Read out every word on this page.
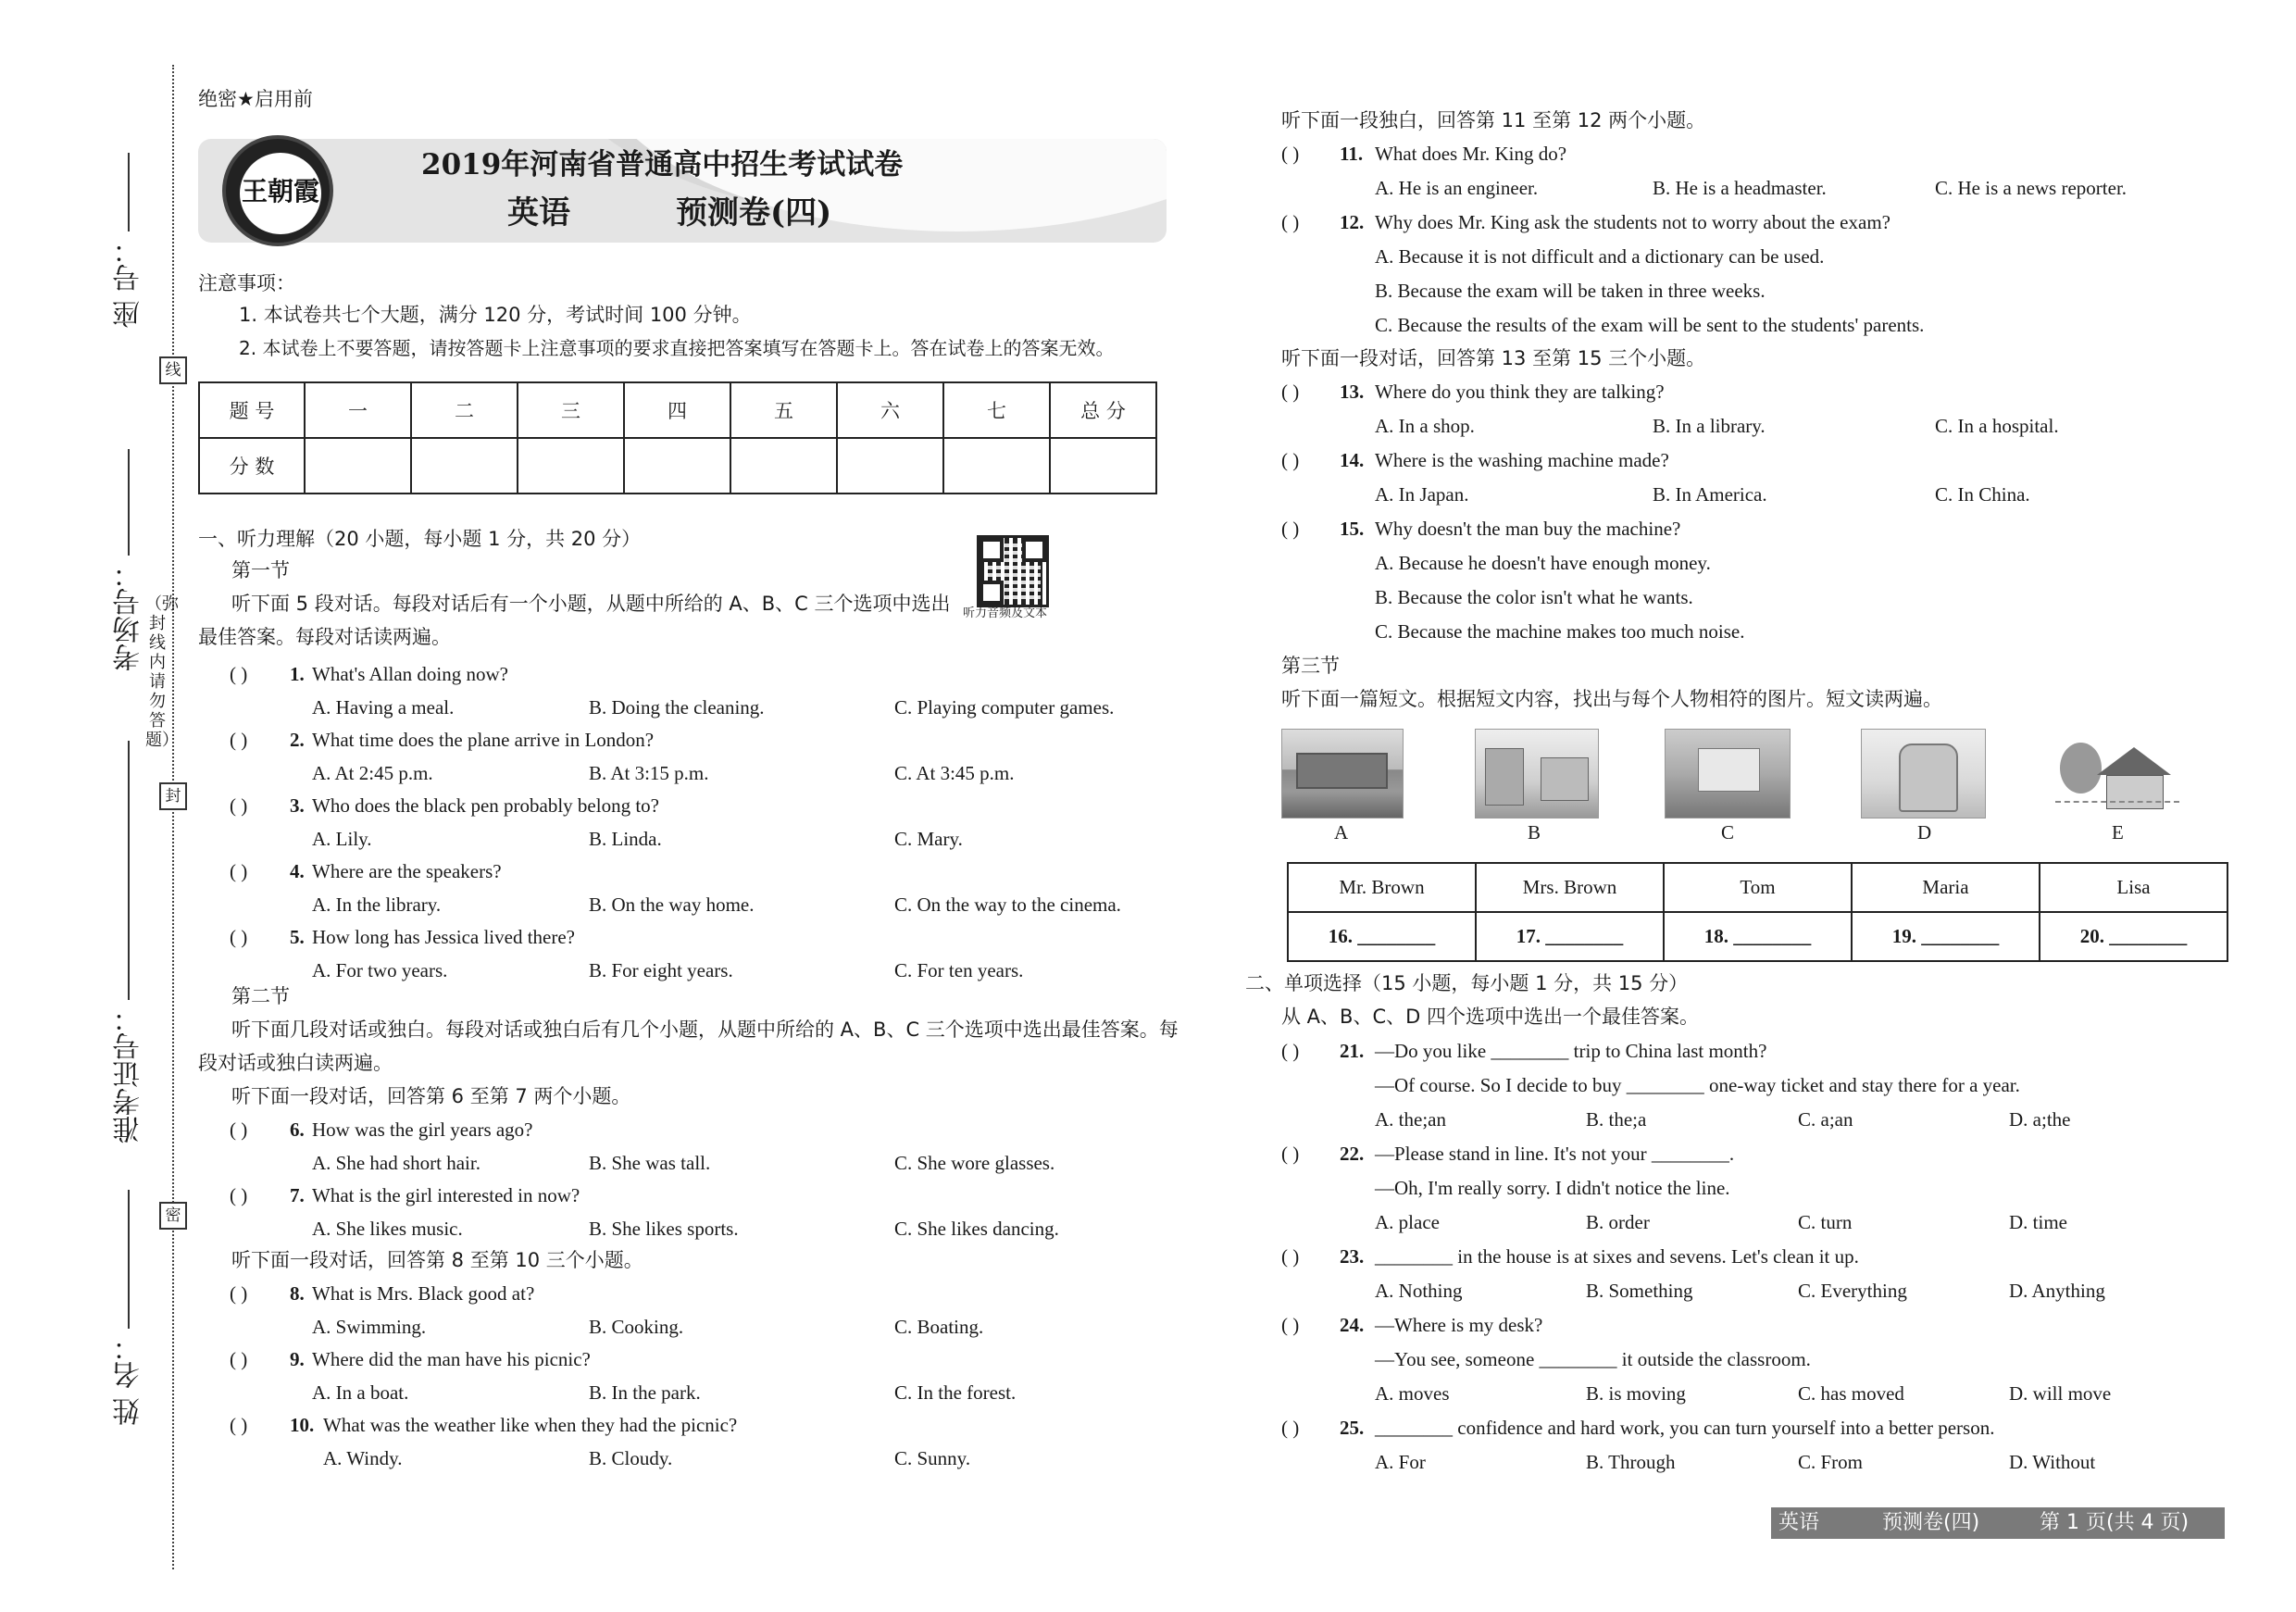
座 号：
考场号：
准考证号：
姓 名：
线
封
密
（弥封线内请勿答题）
绝密★启用前
王朝霞
2019年河南省普通高中招生考试试卷
英语	预测卷(四)
注意事项：
1. 本试卷共七个大题，满分 120 分，考试时间 100 分钟。
2. 本试卷上不要答题，请按答题卡上注意事项的要求直接把答案填写在答题卡上。答在试卷上的答案无效。
题 号	一	二	三	四	五	六	七	总 分
分 数								
一、听力理解（20 小题，每小题 1 分，共 20 分）
听力音频及文本
第一节
听下面 5 段对话。每段对话后有一个小题，从题中所给的 A、B、C 三个选项中选出
最佳答案。每段对话读两遍。
( ) 1. What's Allan doing now?
A. Having a meal.	B. Doing the cleaning.	C. Playing computer games.
( ) 2. What time does the plane arrive in London?
A. At 2:45 p.m.	B. At 3:15 p.m.	C. At 3:45 p.m.
( ) 3. Who does the black pen probably belong to?
A. Lily.	B. Linda.	C. Mary.
( ) 4. Where are the speakers?
A. In the library.	B. On the way home.	C. On the way to the cinema.
( ) 5. How long has Jessica lived there?
A. For two years.	B. For eight years.	C. For ten years.
( ) 6. How was the girl years ago?
A. She had short hair.	B. She was tall.	C. She wore glasses.
( ) 7. What is the girl interested in now?
A. She likes music.	B. She likes sports.	C. She likes dancing.
( ) 8. What is Mrs. Black good at?
A. Swimming.	B. Cooking.	C. Boating.
( ) 9. Where did the man have his picnic?
A. In a boat.	B. In the park.	C. In the forest.
( ) 10. What was the weather like when they had the picnic?
A. Windy.	B. Cloudy.	C. Sunny.
第二节
听下面几段对话或独白。每段对话或独白后有几个小题，从题中所给的 A、B、C 三个选项中选出最佳答案。每
段对话或独白读两遍。
听下面一段对话，回答第 6 至第 7 两个小题。
听下面一段对话，回答第 8 至第 10 三个小题。
听下面一段独白，回答第 11 至第 12 两个小题。
听下面一段对话，回答第 13 至第 15 三个小题。
第三节
听下面一篇短文。根据短文内容，找出与每个人物相符的图片。短文读两遍。
( ) 11. What does Mr. King do?
A. He is an engineer.	B. He is a headmaster.	C. He is a news reporter.
( ) 12. Why does Mr. King ask the students not to worry about the exam?
A. Because it is not difficult and a dictionary can be used.
B. Because the exam will be taken in three weeks.
C. Because the results of the exam will be sent to the students' parents.
( ) 13. Where do you think they are talking?
A. In a shop.	B. In a library.	C. In a hospital.
( ) 14. Where is the washing machine made?
A. In Japan.	B. In America.	C. In China.
( ) 15. Why doesn't the man buy the machine?
A. Because he doesn't have enough money.
B. Because the color isn't what he wants.
C. Because the machine makes too much noise.
A	B	C	D	E
Mr. Brown	Mrs. Brown	Tom	Maria	Lisa
16. ________	17. ________	18. ________	19. ________	20. ________
二、单项选择（15 小题，每小题 1 分，共 15 分）
从 A、B、C、D 四个选项中选出一个最佳答案。
( ) 21. —Do you like ________ trip to China last month?
—Of course. So I decide to buy ________ one-way ticket and stay there for a year.
A. the;an	B. the;a	C. a;an	D. a;the
( ) 22. —Please stand in line. It's not your ________.
—Oh, I'm really sorry. I didn't notice the line.
A. place	B. order	C. turn	D. time
( ) 23. ________ in the house is at sixes and sevens. Let's clean it up.
A. Nothing	B. Something	C. Everything	D. Anything
( ) 24. —Where is my desk?
—You see, someone ________ it outside the classroom.
A. moves	B. is moving	C. has moved	D. will move
( ) 25. ________ confidence and hard work, you can turn yourself into a better person.
A. For	B. Through	C. From	D. Without
英语	预测卷(四)	第 1 页(共 4 页)
